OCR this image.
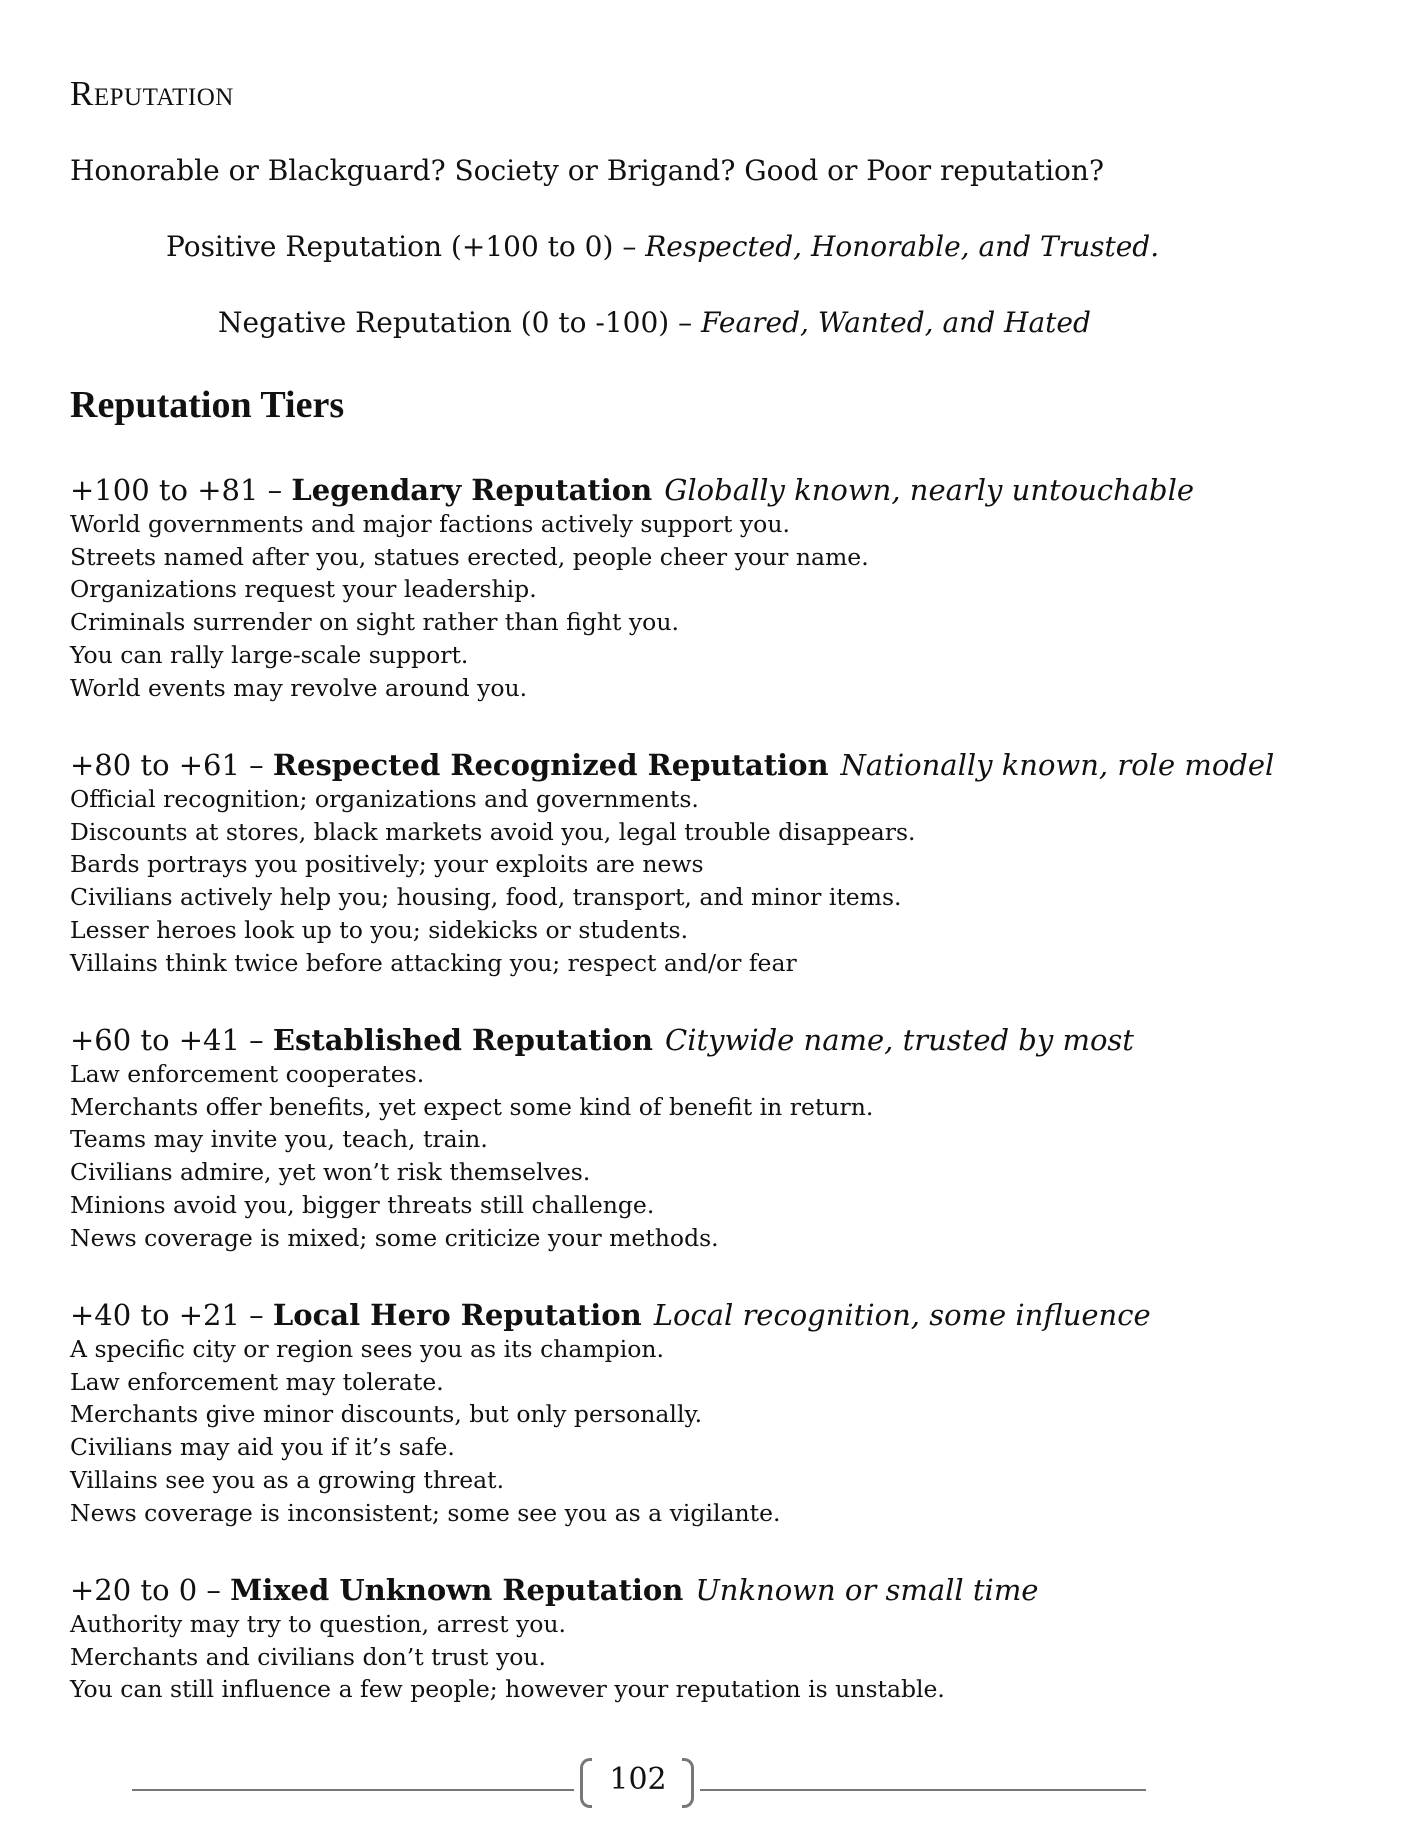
Reputation

Honorable or Blackguard? Society or Brigand? Good or Poor reputation?

Positive Reputation (+100 to 0) – Respected, Honorable, and Trusted.

Negative Reputation (0 to -100) – Feared, Wanted, and Hated

Reputation Tiers

+100 to +81 – Legendary Reputation Globally known, nearly untouchable

World governments and major factions actively support you.
Streets named after you, statues erected, people cheer your name.
Organizations request your leadership.
Criminals surrender on sight rather than fight you.
You can rally large-scale support.
World events may revolve around you.

+80 to +61 – Respected Recognized Reputation Nationally known, role model

Official recognition; organizations and governments.
Discounts at stores, black markets avoid you, legal trouble disappears.
Bards portrays you positively; your exploits are news
Civilians actively help you; housing, food, transport, and minor items.
Lesser heroes look up to you; sidekicks or students.
Villains think twice before attacking you; respect and/or fear

+60 to +41 – Established Reputation Citywide name, trusted by most

Law enforcement cooperates.
Merchants offer benefits, yet expect some kind of benefit in return.
Teams may invite you, teach, train.
Civilians admire, yet won’t risk themselves.
Minions avoid you, bigger threats still challenge.
News coverage is mixed; some criticize your methods.

+40 to +21 – Local Hero Reputation Local recognition, some influence

A specific city or region sees you as its champion.
Law enforcement may tolerate.
Merchants give minor discounts, but only personally.
Civilians may aid you if it’s safe.
Villains see you as a growing threat.
News coverage is inconsistent; some see you as a vigilante.

+20 to 0 – Mixed Unknown Reputation Unknown or small time

Authority may try to question, arrest you.
Merchants and civilians don’t trust you.
You can still influence a few people; however your reputation is unstable.
102
